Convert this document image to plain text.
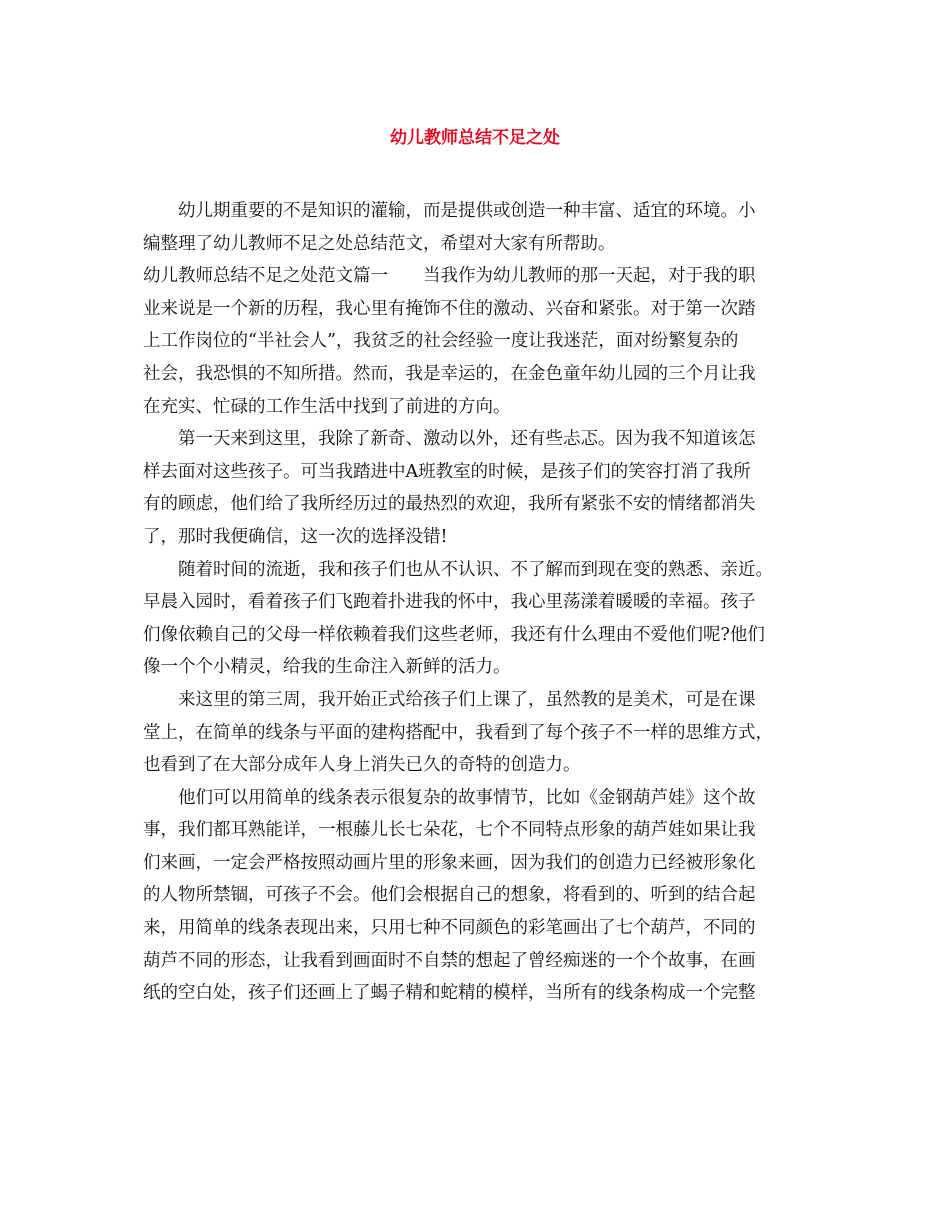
幼儿教师总结不足之处

幼儿期重要的不是知识的灌输，而是提供或创造一种丰富、适宜的环境。小

编整理了幼儿教师不足之处总结范文，希望对大家有所帮助。

幼儿教师总结不足之处范文篇一　　当我作为幼儿教师的那一天起，对于我的职

业来说是一个新的历程，我心里有掩饰不住的激动、兴奋和紧张。对于第一次踏

上工作岗位的“半社会人”，我贫乏的社会经验一度让我迷茫，面对纷繁复杂的

社会，我恐惧的不知所措。然而，我是幸运的，在金色童年幼儿园的三个月让我

在充实、忙碌的工作生活中找到了前进的方向。

第一天来到这里，我除了新奇、激动以外，还有些忐忑。因为我不知道该怎

样去面对这些孩子。可当我踏进中A班教室的时候，是孩子们的笑容打消了我所

有的顾虑，他们给了我所经历过的最热烈的欢迎，我所有紧张不安的情绪都消失

了，那时我便确信，这一次的选择没错!

随着时间的流逝，我和孩子们也从不认识、不了解而到现在变的熟悉、亲近。

早晨入园时，看着孩子们飞跑着扑进我的怀中，我心里荡漾着暖暖的幸福。孩子

们像依赖自己的父母一样依赖着我们这些老师，我还有什么理由不爱他们呢?他们

像一个个小精灵，给我的生命注入新鲜的活力。

来这里的第三周，我开始正式给孩子们上课了，虽然教的是美术，可是在课

堂上，在简单的线条与平面的建构搭配中，我看到了每个孩子不一样的思维方式，

也看到了在大部分成年人身上消失已久的奇特的创造力。

他们可以用简单的线条表示很复杂的故事情节，比如《金钢葫芦娃》这个故

事，我们都耳熟能详，一根藤儿长七朵花，七个不同特点形象的葫芦娃如果让我

们来画，一定会严格按照动画片里的形象来画，因为我们的创造力已经被形象化

的人物所禁锢，可孩子不会。他们会根据自己的想象，将看到的、听到的结合起

来，用简单的线条表现出来，只用七种不同颜色的彩笔画出了七个葫芦，不同的

葫芦不同的形态，让我看到画面时不自禁的想起了曾经痴迷的一个个故事，在画

纸的空白处，孩子们还画上了蝎子精和蛇精的模样，当所有的线条构成一个完整
